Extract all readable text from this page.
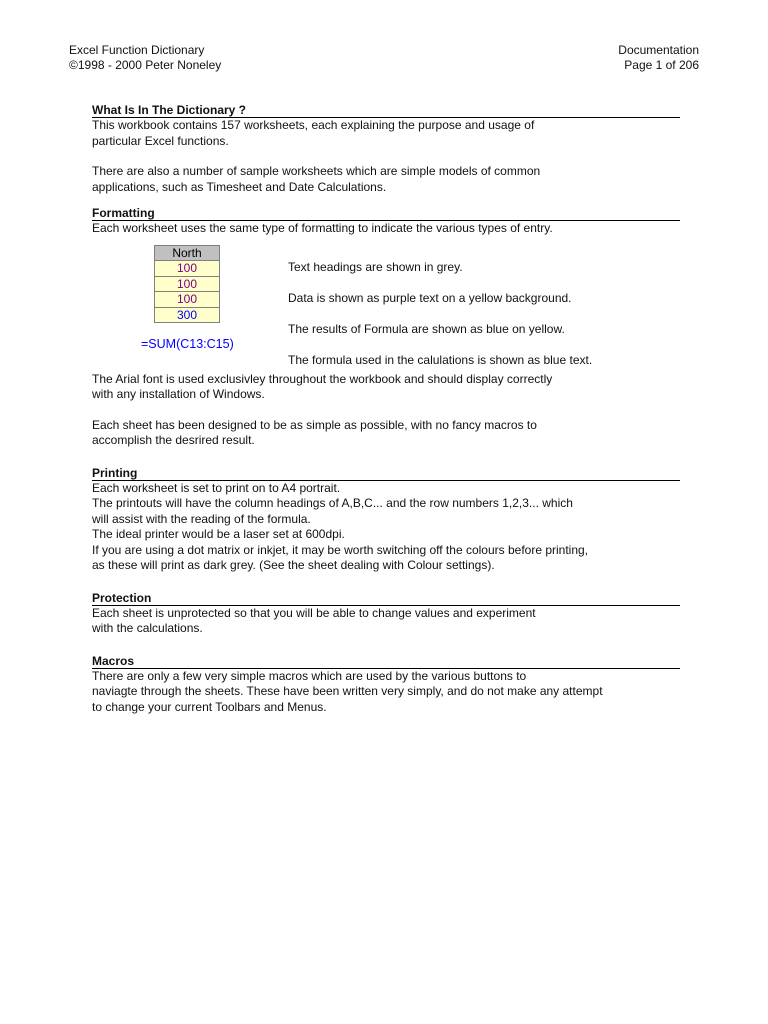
Excel Function Dictionary
©1998 - 2000 Peter Noneley
Documentation
Page 1 of 206
What Is In The Dictionary ?
This workbook contains 157 worksheets, each explaining the purpose and usage of
particular Excel functions.
There are also a number of sample worksheets which are simple models of common
applications, such as Timesheet and Date Calculations.
Formatting
Each worksheet uses the same type of formatting to indicate the various types of entry.
North
100
100
100
300
Text headings are shown in grey.
Data is shown as purple text on a yellow background.
The results of Formula are shown as blue on yellow.
=SUM(C13:C15)
The formula used in the calulations is shown as blue text.
The Arial font is used exclusivley throughout the workbook and should display correctly
with any installation of Windows.
Each sheet has been designed to be as simple as possible, with no fancy macros to
accomplish the desrired result.
Printing
Each worksheet is set to print on to A4 portrait.
The printouts will have the column headings of A,B,C... and the row numbers 1,2,3... which
will assist with the reading of the formula.
The ideal printer would be a laser set at 600dpi.
If you are using a dot matrix or inkjet, it may be worth switching off the colours before printing,
as these will print as dark grey. (See the sheet dealing with Colour settings).
Protection
Each sheet is unprotected so that you will be able to change values and experiment
with the calculations.
Macros
There are only a few very simple macros which are used by the various buttons to
naviagte through the sheets. These have been written very simply, and do not make any attempt
to change your current Toolbars and Menus.
